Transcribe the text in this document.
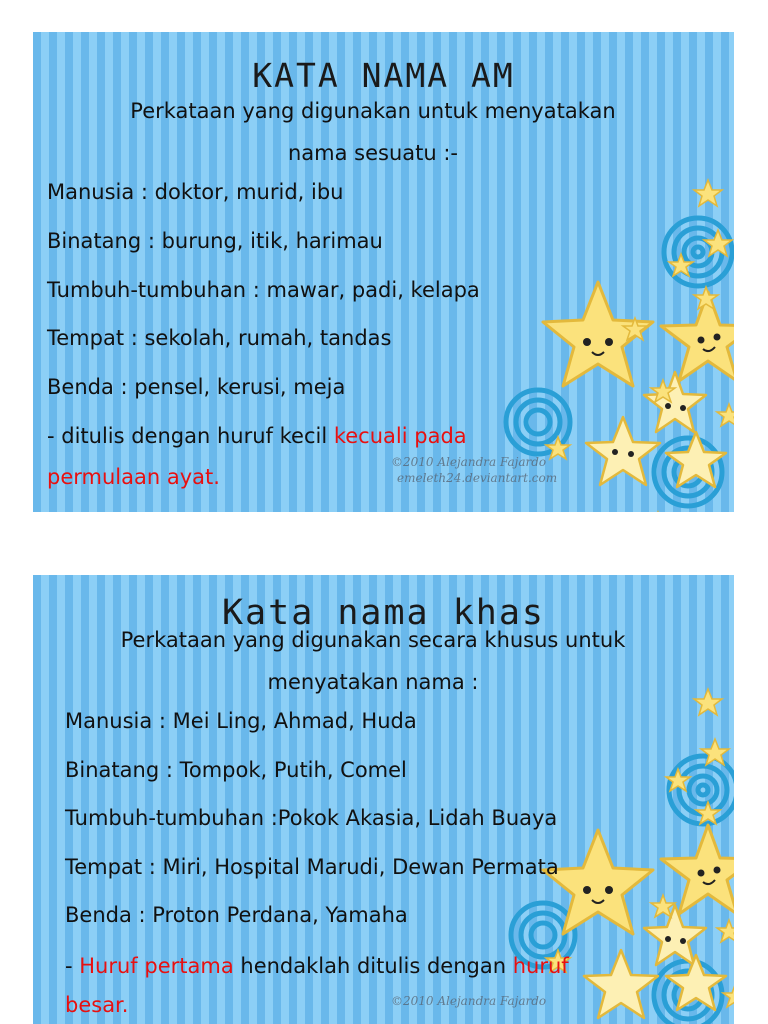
©2010 Alejandra Fajardo
emeleth24.deviantart.com
KATA NAMA AM
Perkataan yang digunakan untuk menyatakan
nama sesuatu :-

Manusia : doktor, murid, ibu

Binatang : burung, itik, harimau

Tumbuh-tumbuhan : mawar, padi, kelapa

Tempat : sekolah, rumah, tandas

Benda : pensel, kerusi, meja

- ditulis dengan huruf kecil kecuali pada

permulaan ayat.

©2010 Alejandra Fajardo
Kata nama khas
Perkataan yang digunakan secara khusus untuk
menyatakan nama :

Manusia : Mei Ling, Ahmad, Huda

Binatang : Tompok, Putih, Comel

Tumbuh-tumbuhan :Pokok Akasia, Lidah Buaya

Tempat : Miri, Hospital Marudi, Dewan Permata

Benda : Proton Perdana, Yamaha

- Huruf pertama hendaklah ditulis dengan huruf

besar.
